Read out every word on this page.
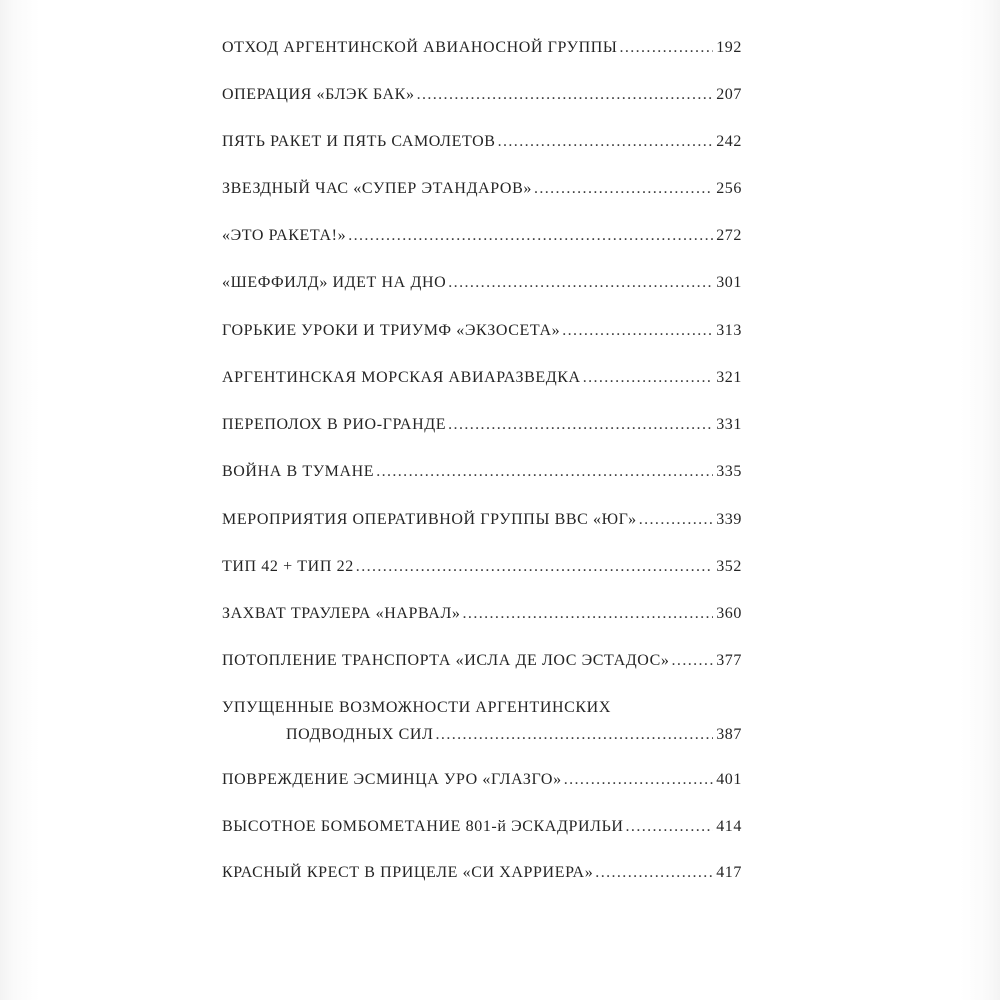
ОТХОД АРГЕНТИНСКОЙ АВИАНОСНОЙ ГРУППЫ .....	192
ОПЕРАЦИЯ «БЛЭК БАК» .....	207
ПЯТЬ РАКЕТ И ПЯТЬ САМОЛЕТОВ .....	242
ЗВЕЗДНЫЙ ЧАС «СУПЕР ЭТАНДАРОВ» .....	256
«ЭТО РАКЕТА!» .....	272
«ШЕФФИЛД» ИДЕТ НА ДНО .....	301
ГОРЬКИЕ УРОКИ И ТРИУМФ «ЭКЗОСЕТА» .....	313
АРГЕНТИНСКАЯ МОРСКАЯ АВИАРАЗВЕДКА .....	321
ПЕРЕПОЛОХ В РИО-ГРАНДЕ .....	331
ВОЙНА В ТУМАНЕ .....	335
МЕРОПРИЯТИЯ ОПЕРАТИВНОЙ ГРУППЫ ВВС «ЮГ» .....	339
ТИП 42 + ТИП 22 .....	352
ЗАХВАТ ТРАУЛЕРА «НАРВАЛ» .....	360
ПОТОПЛЕНИЕ ТРАНСПОРТА «ИСЛА ДЕ ЛОС ЭСТАДОС» .....	377
УПУЩЕННЫЕ ВОЗМОЖНОСТИ АРГЕНТИНСКИХ
ПОДВОДНЫХ СИЛ .....	387
ПОВРЕЖДЕНИЕ ЭСМИНЦА УРО «ГЛАЗГО» .....	401
ВЫСОТНОЕ БОМБОМЕТАНИЕ 801-й ЭСКАДРИЛЬИ .....	414
КРАСНЫЙ КРЕСТ В ПРИЦЕЛЕ «СИ ХАРРИЕРА» .....	417
